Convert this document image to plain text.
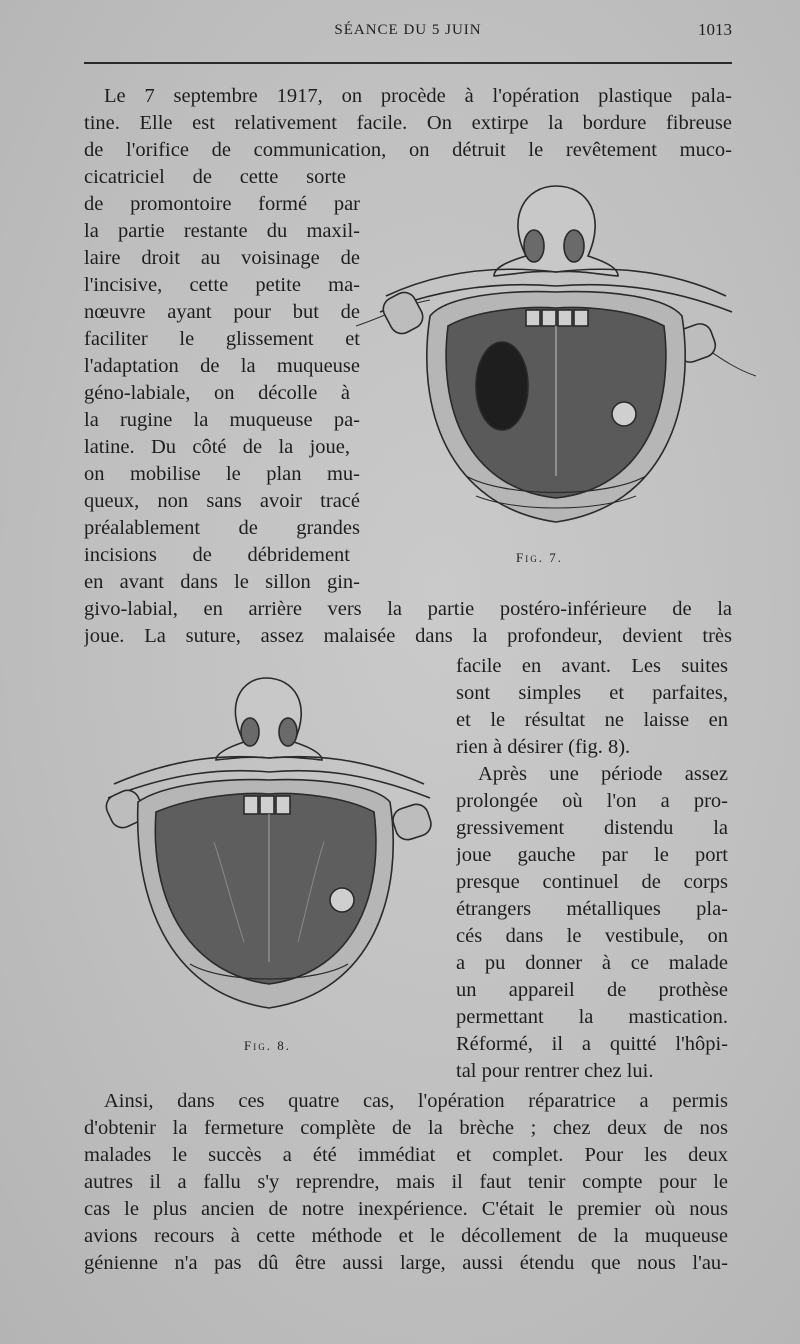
SÉANCE DU 5 JUIN	1013

Le 7 septembre 1917, on procède à l'opération plastique pala-

tine. Elle est relativement facile. On extirpe la bordure fibreuse

de l'orifice de communication, on détruit le revêtement muco-

cicatriciel de cette sorte

de promontoire formé par

la partie restante du maxil-

laire droit au voisinage de

l'incisive, cette petite ma-

nœuvre ayant pour but de

faciliter le glissement et

l'adaptation de la muqueuse

géno-labiale, on décolle à

la rugine la muqueuse pa-

latine. Du côté de la joue,

on mobilise le plan mu-

queux, non sans avoir tracé

préalablement de grandes

incisions de débridement

en avant dans le sillon gin-

givo-labial, en arrière vers la partie postéro-inférieure de la

joue. La suture, assez malaisée dans la profondeur, devient très

facile en avant. Les suites

sont simples et parfaites,

et le résultat ne laisse en

rien à désirer (fig. 8).

Après une période assez

prolongée où l'on a pro-

gressivement distendu la

joue gauche par le port

presque continuel de corps

étrangers métalliques pla-

cés dans le vestibule, on

a pu donner à ce malade

un appareil de prothèse

permettant la mastication.

Réformé, il a quitté l'hôpi-

tal pour rentrer chez lui.

Ainsi, dans ces quatre cas, l'opération réparatrice a permis

d'obtenir la fermeture complète de la brèche ; chez deux de nos

malades le succès a été immédiat et complet. Pour les deux

autres il a fallu s'y reprendre, mais il faut tenir compte pour le

cas le plus ancien de notre inexpérience. C'était le premier où nous

avions recours à cette méthode et le décollement de la muqueuse

génienne n'a pas dû être aussi large, aussi étendu que nous l'au-

Fig. 7.
Fig. 8.
